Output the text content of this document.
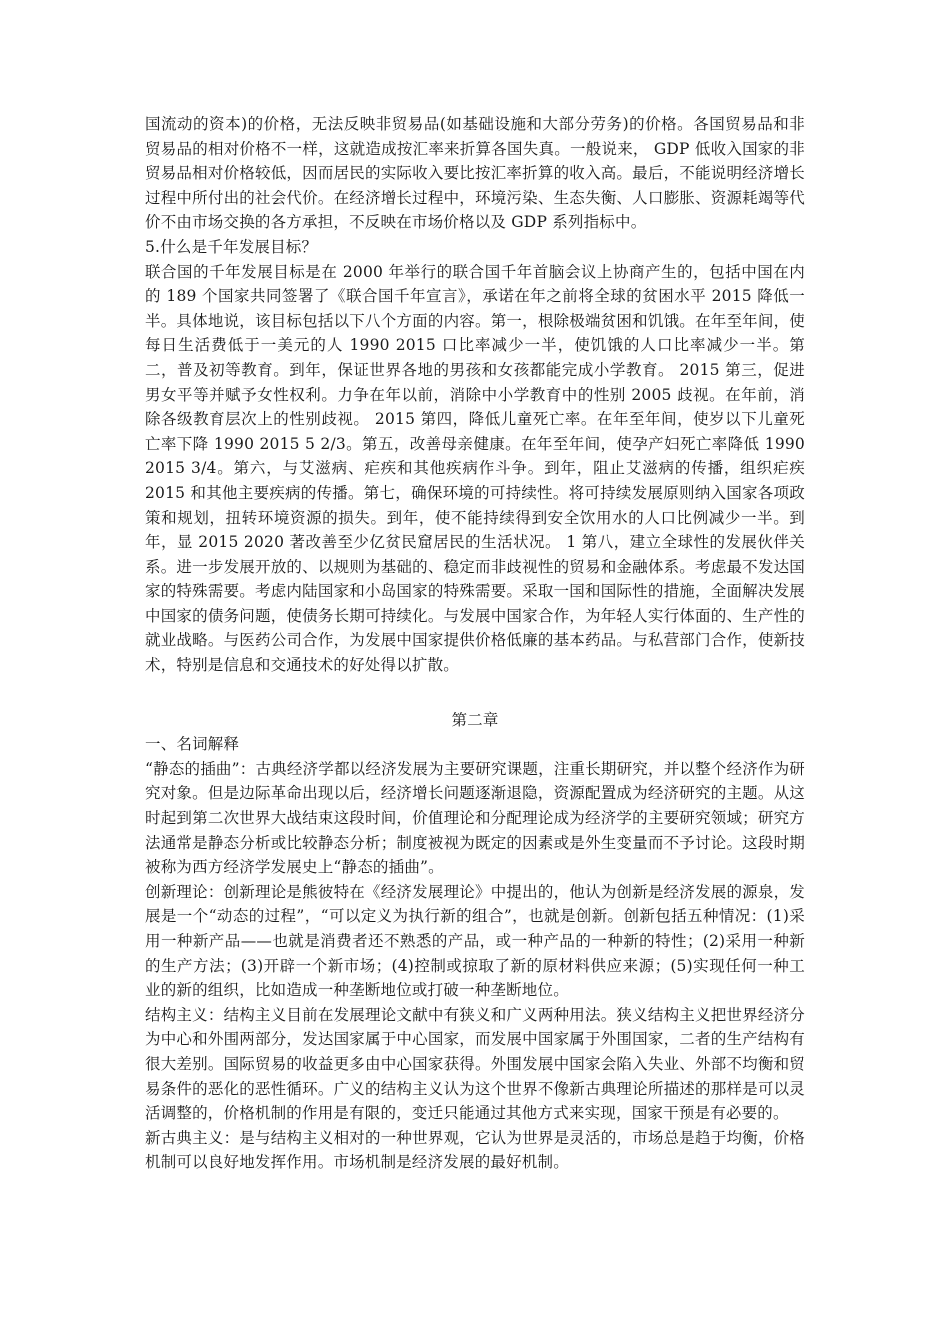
国流动的资本)的价格，无法反映非贸易品(如基础设施和大部分劳务)的价格。各国贸易品和非贸易品的相对价格不一样，这就造成按汇率来折算各国失真。一般说来， GDP 低收入国家的非贸易品相对价格较低，因而居民的实际收入要比按汇率折算的收入高。最后，不能说明经济增长过程中所付出的社会代价。在经济增长过程中，环境污染、生态失衡、人口膨胀、资源耗竭等代价不由市场交换的各方承担，不反映在市场价格以及 GDP 系列指标中。

5.什么是千年发展目标？

联合国的千年发展目标是在 2000 年举行的联合国千年首脑会议上协商产生的，包括中国在内的 189 个国家共同签署了《联合国千年宣言》，承诺在年之前将全球的贫困水平 2015 降低一半。具体地说，该目标包括以下八个方面的内容。第一，根除极端贫困和饥饿。在年至年间，使每日生活费低于一美元的人 1990 2015 口比率减少一半，使饥饿的人口比率减少一半。第二，普及初等教育。到年，保证世界各地的男孩和女孩都能完成小学教育。 2015 第三，促进男女平等并赋予女性权利。力争在年以前，消除中小学教育中的性别 2005 歧视。在年前，消除各级教育层次上的性别歧视。 2015 第四，降低儿童死亡率。在年至年间，使岁以下儿童死亡率下降 1990 2015 5 2/3。第五，改善母亲健康。在年至年间，使孕产妇死亡率降低 1990 2015 3/4。第六，与艾滋病、疟疾和其他疾病作斗争。到年，阻止艾滋病的传播，组织疟疾 2015 和其他主要疾病的传播。第七，确保环境的可持续性。将可持续发展原则纳入国家各项政策和规划，扭转环境资源的损失。到年，使不能持续得到安全饮用水的人口比例减少一半。到年，显 2015 2020 著改善至少亿贫民窟居民的生活状况。 1 第八，建立全球性的发展伙伴关系。进一步发展开放的、以规则为基础的、稳定而非歧视性的贸易和金融体系。考虑最不发达国家的特殊需要。考虑内陆国家和小岛国家的特殊需要。采取一国和国际性的措施，全面解决发展中国家的债务问题，使债务长期可持续化。与发展中国家合作，为年轻人实行体面的、生产性的就业战略。与医药公司合作，为发展中国家提供价格低廉的基本药品。与私营部门合作，使新技术，特别是信息和交通技术的好处得以扩散。

第二章

一、名词解释

“静态的插曲”：古典经济学都以经济发展为主要研究课题，注重长期研究，并以整个经济作为研究对象。但是边际革命出现以后，经济增长问题逐渐退隐，资源配置成为经济研究的主题。从这时起到第二次世界大战结束这段时间，价值理论和分配理论成为经济学的主要研究领域；研究方法通常是静态分析或比较静态分析；制度被视为既定的因素或是外生变量而不予讨论。这段时期被称为西方经济学发展史上“静态的插曲”。

创新理论：创新理论是熊彼特在《经济发展理论》中提出的，他认为创新是经济发展的源泉，发展是一个“动态的过程”，“可以定义为执行新的组合”，也就是创新。创新包括五种情况：(1)采用一种新产品——也就是消费者还不熟悉的产品，或一种产品的一种新的特性；(2)采用一种新的生产方法；(3)开辟一个新市场；(4)控制或掠取了新的原材料供应来源；(5)实现任何一种工业的新的组织，比如造成一种垄断地位或打破一种垄断地位。

结构主义：结构主义目前在发展理论文献中有狭义和广义两种用法。狭义结构主义把世界经济分为中心和外围两部分，发达国家属于中心国家，而发展中国家属于外围国家，二者的生产结构有很大差别。国际贸易的收益更多由中心国家获得。外围发展中国家会陷入失业、外部不均衡和贸易条件的恶化的恶性循环。广义的结构主义认为这个世界不像新古典理论所描述的那样是可以灵活调整的，价格机制的作用是有限的，变迁只能通过其他方式来实现，国家干预是有必要的。

新古典主义：是与结构主义相对的一种世界观，它认为世界是灵活的，市场总是趋于均衡，价格机制可以良好地发挥作用。市场机制是经济发展的最好机制。
